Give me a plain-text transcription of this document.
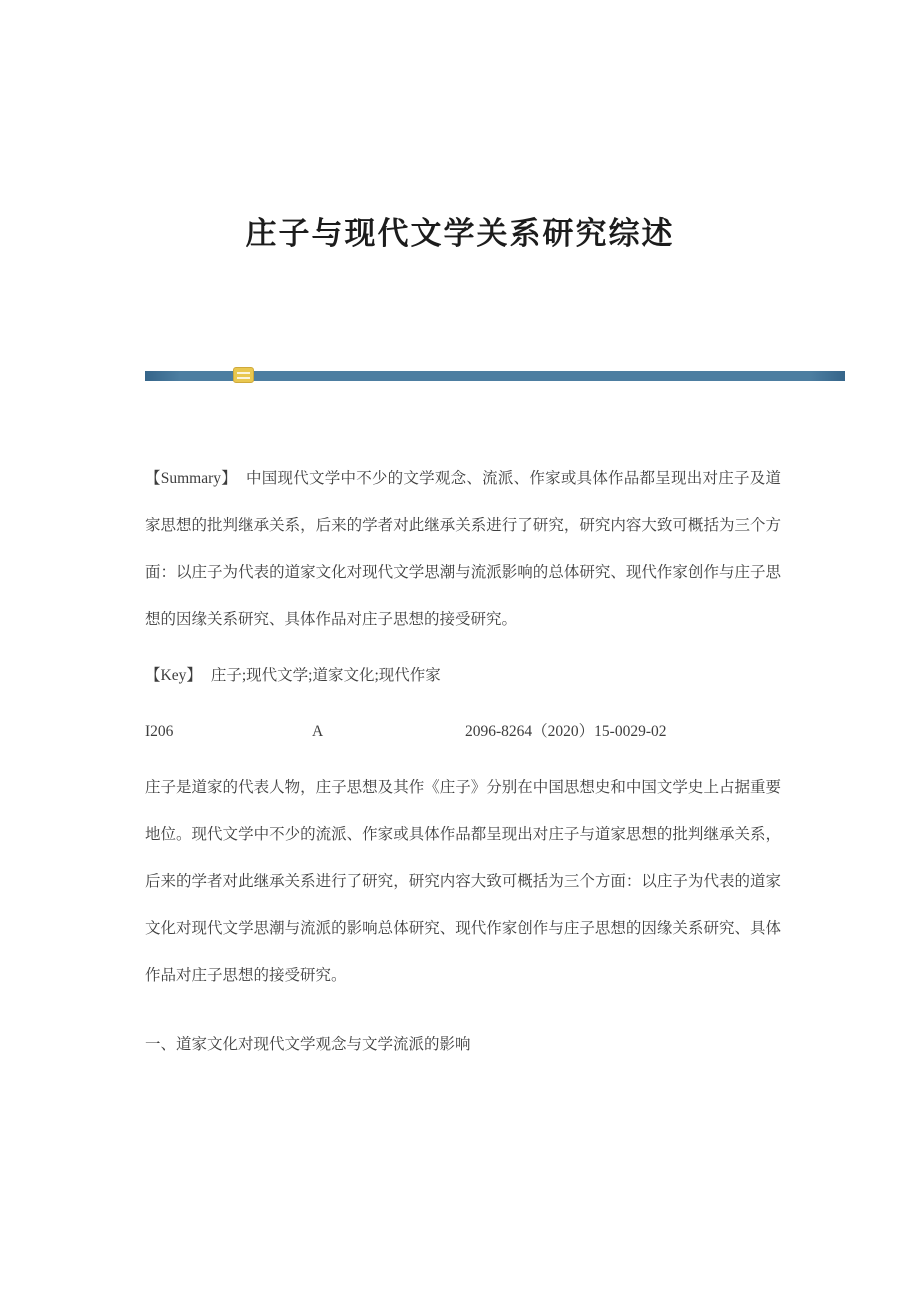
庄子与现代文学关系研究综述

【Summary】 中国现代文学中不少的文学观念、流派、作家或具体作品都呈现出对庄子及道家思想的批判继承关系，后来的学者对此继承关系进行了研究，研究内容大致可概括为三个方面：以庄子为代表的道家文化对现代文学思潮与流派影响的总体研究、现代作家创作与庄子思想的因缘关系研究、具体作品对庄子思想的接受研究。

【Key】 庄子;现代文学;道家文化;现代作家

I206	A	2096-8264（2020）15-0029-02

庄子是道家的代表人物，庄子思想及其作《庄子》分别在中国思想史和中国文学史上占据重要地位。现代文学中不少的流派、作家或具体作品都呈现出对庄子与道家思想的批判继承关系，后来的学者对此继承关系进行了研究，研究内容大致可概括为三个方面：以庄子为代表的道家文化对现代文学思潮与流派的影响总体研究、现代作家创作与庄子思想的因缘关系研究、具体作品对庄子思想的接受研究。

一、道家文化对现代文学观念与文学流派的影响
